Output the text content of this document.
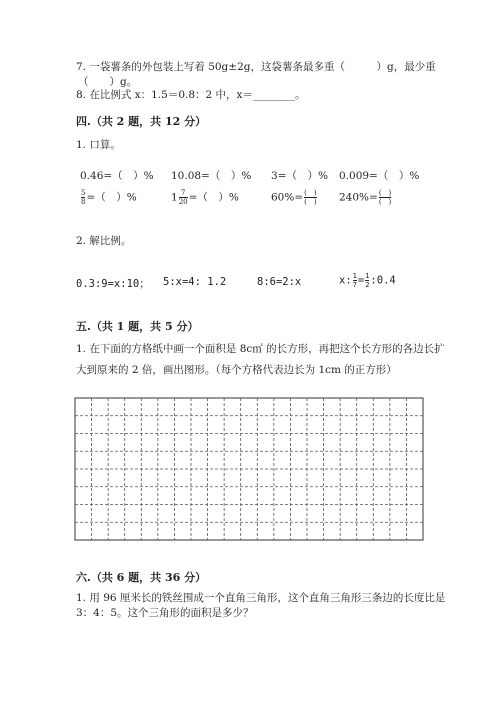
7. 一袋薯条的外包装上写着 50g±2g，这袋薯条最多重（　　　）g，最少重
（　　）g。
8. 在比例式 x：1.5＝0.8：2 中，x＝________。
四.（共 2 题，共 12 分）
1. 口算。
0.46=（　）% 10.08=（　）% 3=（　）% 0.009=（　）%
$\frac{5}{8}$ =（　）%	$1 \frac{7}{20}$ =（　）%	$60\%= \frac{( )}{( )} 240\%= \frac{( )}{( )}$
2. 解比例。
0.3:9=x:10； 5:x=4: 1.2	8:6=2:x	x: $\frac{1}{7} = \frac{1}{2}$ :0.4
五.（共 1 题，共 5 分）
1. 在下面的方格纸中画一个面积是 8c㎡ 的长方形，再把这个长方形的各边长扩
大到原来的 2 倍，画出图形。（每个方格代表边长为 1cm 的正方形）
六.（共 6 题，共 36 分）
1. 用 96 厘米长的铁丝围成一个直角三角形，这个直角三角形三条边的长度比是
3：4：5。这个三角形的面积是多少？
